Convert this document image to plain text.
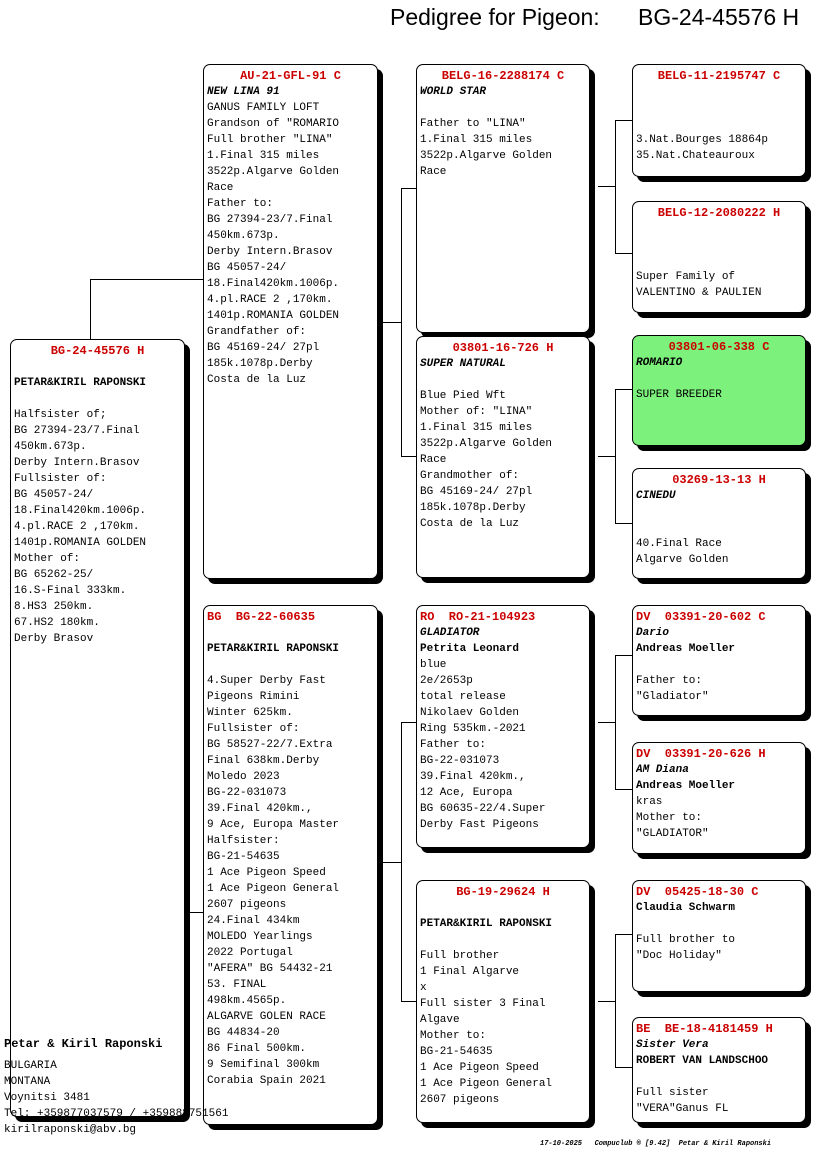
Pedigree for Pigeon: BG-24-45576 H
BG-24-45576 H
PETAR&KIRIL RAPONSKI
Halfsister of;
BG 27394-23/7.Final
450km.673p.
Derby Intern.Brasov
Fullsister of:
BG 45057-24/
18.Final420km.1006p.
4.pl.RACE 2 ,170km.
1401p.ROMANIA GOLDEN
Mother of:
BG 65262-25/
16.S-Final 333km.
8.HS3 250km.
67.HS2 180km.
Derby Brasov
AU-21-GFL-91 C
NEW LINA 91
GANUS FAMILY LOFT
Grandson of "ROMARIO
Full brother "LINA"
1.Final 315 miles
3522p.Algarve Golden
Race
Father to:
BG 27394-23/7.Final
450km.673p.
Derby Intern.Brasov
BG 45057-24/
18.Final420km.1006p.
4.pl.RACE 2 ,170km.
1401p.ROMANIA GOLDEN
Grandfather of:
BG 45169-24/ 27pl
185k.1078p.Derby
Costa de la Luz
BG  BG-22-60635
PETAR&KIRIL RAPONSKI
4.Super Derby Fast
Pigeons Rimini
Winter 625km.
Fullsister of:
BG 58527-22/7.Extra
Final 638km.Derby
Moledo 2023
BG-22-031073
39.Final 420km.,
9 Ace, Europa Master
Halfsister:
BG-21-54635
1 Ace Pigeon Speed
1 Ace Pigeon General
2607 pigeons
24.Final 434km
MOLEDO Yearlings
2022 Portugal
"AFERA" BG 54432-21
53. FINAL
498km.4565p.
ALGARVE GOLEN RACE
BG 44834-20
86 Final 500km.
9 Semifinal 300km
Corabia Spain 2021
BELG-16-2288174 C
WORLD STAR
Father to "LINA"
1.Final 315 miles
3522p.Algarve Golden
Race
03801-16-726 H
SUPER NATURAL
Blue Pied Wft
Mother of: "LINA"
1.Final 315 miles
3522p.Algarve Golden
Race
Grandmother of:
BG 45169-24/ 27pl
185k.1078p.Derby
Costa de la Luz
RO  RO-21-104923
GLADIATOR
Petrita Leonard
blue
2e/2653p
total release
Nikolaev Golden
Ring 535km.-2021
Father to:
BG-22-031073
39.Final 420km.,
12 Ace, Europa
BG 60635-22/4.Super
Derby Fast Pigeons
BG-19-29624 H
PETAR&KIRIL RAPONSKI
Full brother
1 Final Algarve
x
Full sister 3 Final
Algave
Mother to:
BG-21-54635
1 Ace Pigeon Speed
1 Ace Pigeon General
2607 pigeons
BELG-11-2195747 C
3.Nat.Bourges 18864p
35.Nat.Chateauroux
BELG-12-2080222 H
Super Family of
VALENTINO & PAULIEN
03801-06-338 C
ROMARIO
SUPER BREEDER
03269-13-13 H
CINEDU
40.Final Race
Algarve Golden
DV  03391-20-602 C
Dario
Andreas Moeller
Father to:
"Gladiator"
DV  03391-20-626 H
AM Diana
Andreas Moeller
kras
Mother to:
"GLADIATOR"
DV  05425-18-30 C
Claudia Schwarm
Full brother to
"Doc Holiday"
BE  BE-18-4181459 H
Sister Vera
ROBERT VAN LANDSCHOO
Full sister
"VERA"Ganus FL
Petar & Kiril Raponski
BULGARIA
MONTANA
Voynitsi 3481
Tel: +359877037579 / +359888751561
kirilraponski@abv.bg
17-10-2025   Compuclub ® [9.42]  Petar & Kiril Raponski
